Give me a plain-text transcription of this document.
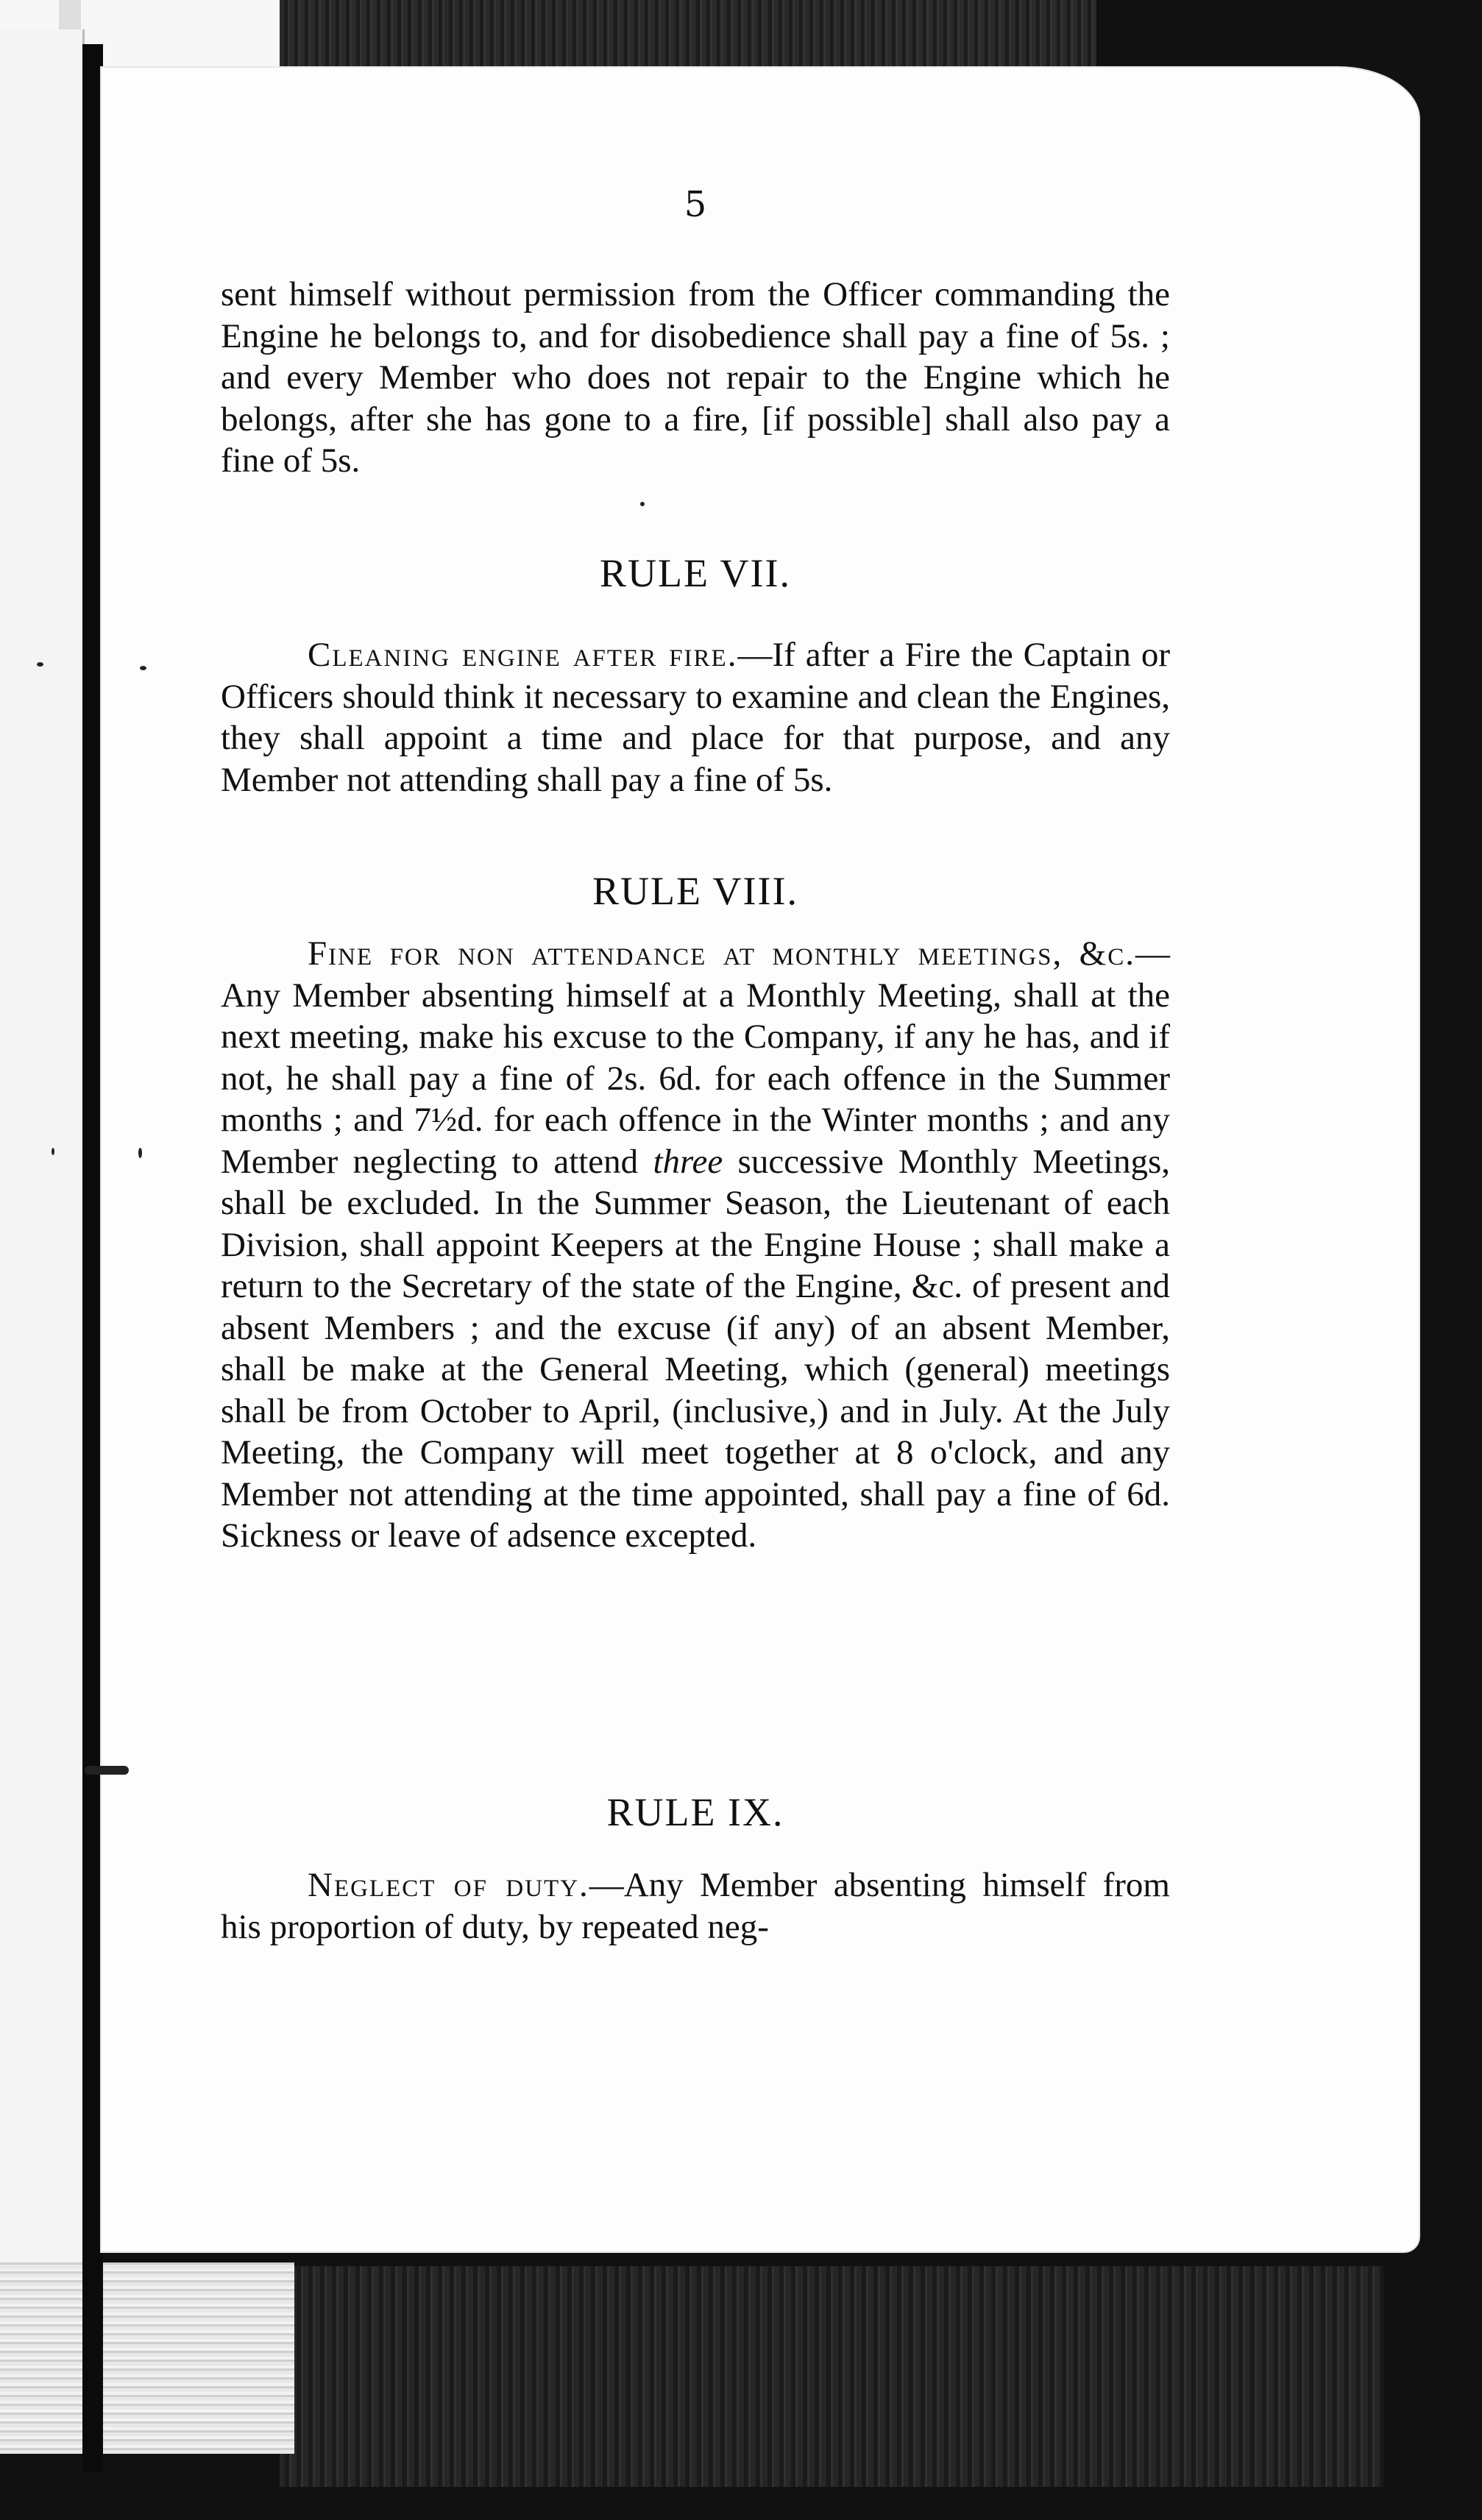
5
sent himself without permission from the Officer commanding the Engine he belongs to, and for disobedience shall pay a fine of 5s. ; and every Member who does not repair to the Engine which he belongs, after she has gone to a fire, [if possible] shall also pay a fine of 5s.
RULE VII.
Cleaning engine after fire.—If after a Fire the Captain or Officers should think it necessary to examine and clean the Engines, they shall appoint a time and place for that purpose, and any Member not attending shall pay a fine of 5s.
RULE VIII.
Fine for non attendance at monthly meetings, &c.—Any Member absenting himself at a Monthly Meeting, shall at the next meeting, make his excuse to the Company, if any he has, and if not, he shall pay a fine of 2s. 6d. for each offence in the Summer months ; and 7½d. for each offence in the Winter months ; and any Member neglecting to attend three successive Monthly Meetings, shall be excluded. In the Summer Season, the Lieutenant of each Division, shall appoint Keepers at the Engine House ; shall make a return to the Secretary of the state of the Engine, &c. of present and absent Members ; and the excuse (if any) of an absent Member, shall be make at the General Meeting, which (general) meetings shall be from October to April, (inclusive,) and in July. At the July Meeting, the Company will meet together at 8 o'clock, and any Member not attending at the time appointed, shall pay a fine of 6d. Sickness or leave of adsence excepted.
RULE IX.
Neglect of duty.—Any Member absenting himself from his proportion of duty, by repeated neg-
